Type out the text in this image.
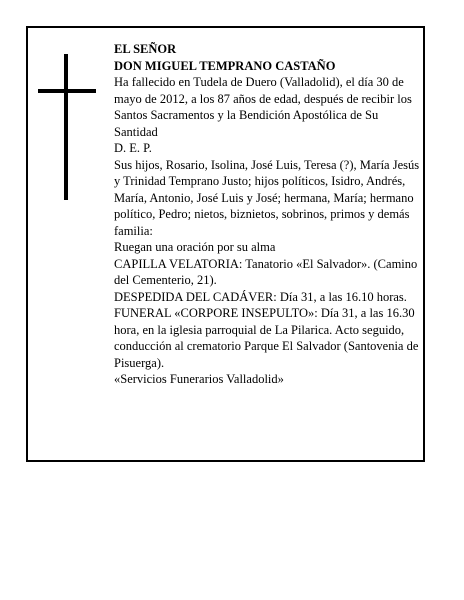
EL SEÑOR

DON MIGUEL TEMPRANO CASTAÑO

Ha fallecido en Tudela de Duero (Valladolid), el día 30 de mayo de 2012, a los 87 años de edad, después de recibir los Santos Sacramentos y la Bendición Apostólica de Su Santidad

D. E. P.

Sus hijos, Rosario, Isolina, José Luis, Teresa (?), María Jesús y Trinidad Temprano Justo; hijos políticos, Isidro, Andrés, María, Antonio, José Luis y José; hermana, María; hermano político, Pedro; nietos, biznietos, sobrinos, primos y demás familia:

Ruegan una oración por su alma

CAPILLA VELATORIA: Tanatorio «El Salvador». (Camino del Cementerio, 21).

DESPEDIDA DEL CADÁVER: Día 31, a las 16.10 horas.

FUNERAL «CORPORE INSEPULTO»: Día 31, a las 16.30 hora, en la iglesia parroquial de La Pilarica. Acto seguido, conducción al crematorio Parque El Salvador (Santovenia de Pisuerga).

«Servicios Funerarios Valladolid»
